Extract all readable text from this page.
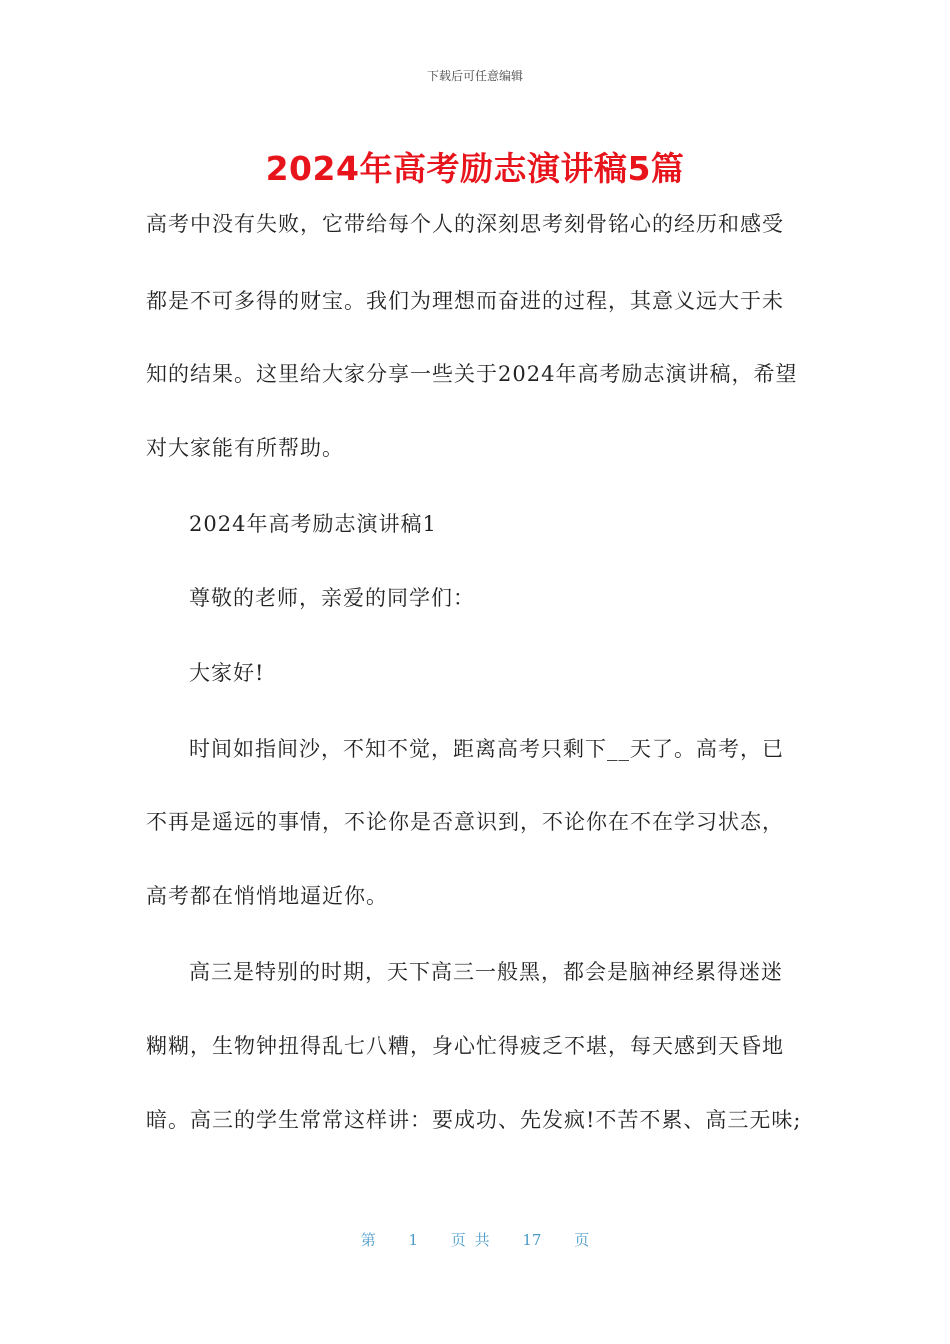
下载后可任意编辑
2024年高考励志演讲稿5篇
高考中没有失败，它带给每个人的深刻思考刻骨铭心的经历和感受
都是不可多得的财宝。我们为理想而奋进的过程，其意义远大于未
知的结果。这里给大家分享一些关于2024年高考励志演讲稿，希望
对大家能有所帮助。
2024年高考励志演讲稿1
尊敬的老师，亲爱的同学们：
大家好!
时间如指间沙，不知不觉，距离高考只剩下__天了。高考，已
不再是遥远的事情，不论你是否意识到，不论你在不在学习状态，
高考都在悄悄地逼近你。
高三是特别的时期，天下高三一般黑，都会是脑神经累得迷迷
糊糊，生物钟扭得乱七八糟，身心忙得疲乏不堪，每天感到天昏地
暗。高三的学生常常这样讲：要成功、先发疯!不苦不累、高三无味;
第 1 页 共 17 页
